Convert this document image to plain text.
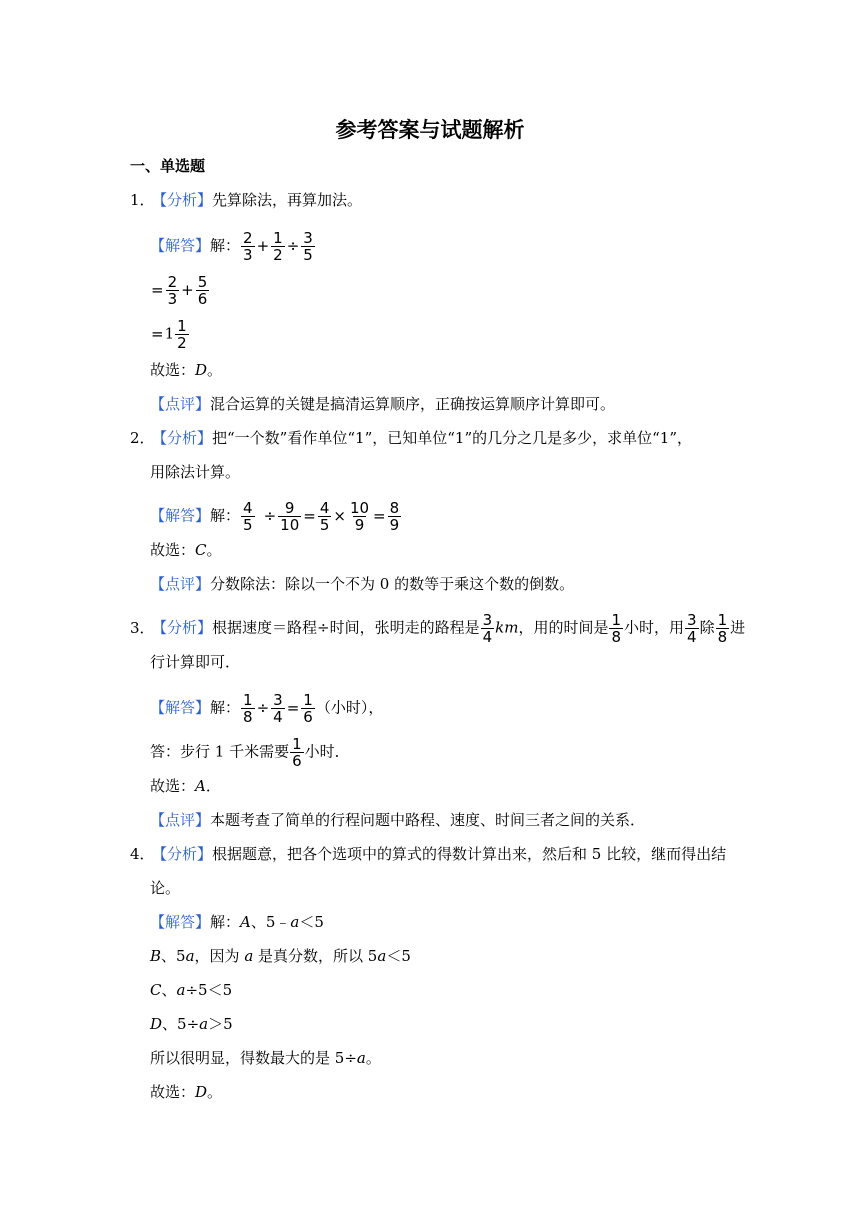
参考答案与试题解析
一、单选题
1．【分析】先算除法，再算加法。
【解答】解： $\frac{2}{3} + \frac{1}{2} \div \frac{3}{5}$
= $\frac{2}{3} + \frac{5}{6}$
$=1 \frac{1}{2}$
故选：D。
【点评】混合运算的关键是搞清运算顺序，正确按运算顺序计算即可。
2．【分析】把“一个数”看作单位“1”，已知单位“1”的几分之几是多少，求单位“1”，
用除法计算。
【解答】解： $\frac{4}{5} \div \frac{9}{10} = \frac{4}{5} \times \frac{10}{9} = \frac{8}{9}$
故选：C。
【点评】分数除法：除以一个不为 0 的数等于乘这个数的倒数。
3．【分析】根据速度＝路程÷时间，张明走的路程是 $\frac{3}{4}$ km，用的时间是 $\frac{1}{8}$ 小时，用 $\frac{3}{4}$ 除 $\frac{1}{8}$ 进
行计算即可．
【解答】解： $\frac{1}{8} \div \frac{3}{4} = \frac{1}{6}$ （小时），
答：步行 1 千米需要 $\frac{1}{6}$ 小时．
故选：A．
【点评】本题考查了简单的行程问题中路程、速度、时间三者之间的关系．
4．【分析】根据题意，把各个选项中的算式的得数计算出来，然后和 5 比较，继而得出结
论。
【解答】解：A、5﹣a＜5
B、5a，因为 a 是真分数，所以 5a＜5
C、a÷5＜5
D、5÷a＞5
所以很明显，得数最大的是 5÷a。
故选：D。
